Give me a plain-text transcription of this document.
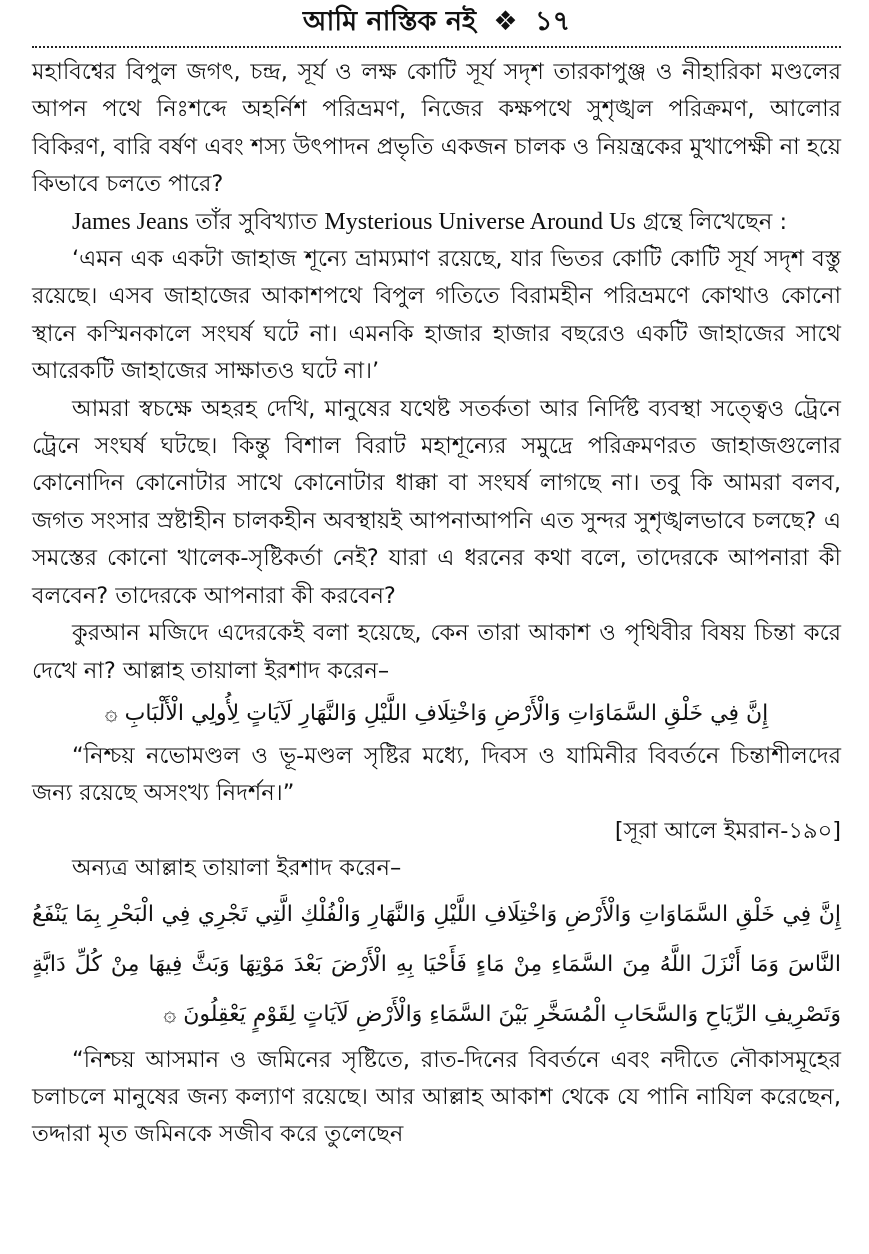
আমি নাস্তিক নই ❖ ১৭

মহাবিশ্বের বিপুল জগৎ, চন্দ্র, সূর্য ও লক্ষ কোটি সূর্য সদৃশ তারকাপুঞ্জ ও নীহারিকা মণ্ডলের আপন পথে নিঃশব্দে অহর্নিশ পরিভ্রমণ, নিজের কক্ষপথে সুশৃঙ্খল পরিক্রমণ, আলোর বিকিরণ, বারি বর্ষণ এবং শস্য উৎপাদন প্রভৃতি একজন চালক ও নিয়ন্ত্রকের মুখাপেক্ষী না হয়ে কিভাবে চলতে পারে?

James Jeans তাঁর সুবিখ্যাত Mysterious Universe Around Us গ্রন্থে লিখেছেন :

‘এমন এক একটা জাহাজ শূন্যে ভ্রাম্যমাণ রয়েছে, যার ভিতর কোটি কোটি সূর্য সদৃশ বস্তু রয়েছে। এসব জাহাজের আকাশপথে বিপুল গতিতে বিরামহীন পরিভ্রমণে কোথাও কোনো স্থানে কস্মিনকালে সংঘর্ষ ঘটে না। এমনকি হাজার হাজার বছরেও একটি জাহাজের সাথে আরেকটি জাহাজের সাক্ষাতও ঘটে না।’

আমরা স্বচক্ষে অহরহ দেখি, মানুষের যথেষ্ট সতর্কতা আর নির্দিষ্ট ব্যবস্থা সত্ত্বেও ট্রেনে ট্রেনে সংঘর্ষ ঘটছে। কিন্তু বিশাল বিরাট মহাশূন্যের সমুদ্রে পরিক্রমণরত জাহাজগুলোর কোনোদিন কোনোটার সাথে কোনোটার ধাক্কা বা সংঘর্ষ লাগছে না। তবু কি আমরা বলব, জগত সংসার স্রষ্টাহীন চালকহীন অবস্থায়ই আপনাআপনি এত সুন্দর সুশৃঙ্খলভাবে চলছে? এ সমস্তের কোনো খালেক-সৃষ্টিকর্তা নেই? যারা এ ধরনের কথা বলে, তাদেরকে আপনারা কী বলবেন? তাদেরকে আপনারা কী করবেন?

কুরআন মজিদে এদেরকেই বলা হয়েছে, কেন তারা আকাশ ও পৃথিবীর বিষয় চিন্তা করে দেখে না? আল্লাহ তায়ালা ইরশাদ করেন–

إِنَّ فِي خَلْقِ السَّمَاوَاتِ وَالْأَرْضِ وَاخْتِلَافِ اللَّيْلِ وَالنَّهَارِ لَآيَاتٍ لِأُولِي الْأَلْبَابِ ۞

“নিশ্চয় নভোমণ্ডল ও ভূ-মণ্ডল সৃষ্টির মধ্যে, দিবস ও যামিনীর বিবর্তনে চিন্তাশীলদের জন্য রয়েছে অসংখ্য নিদর্শন।”

[সূরা আলে ইমরান-১৯০]

অন্যত্র আল্লাহ তায়ালা ইরশাদ করেন–

إِنَّ فِي خَلْقِ السَّمَاوَاتِ وَالْأَرْضِ وَاخْتِلَافِ اللَّيْلِ وَالنَّهَارِ وَالْفُلْكِ الَّتِي تَجْرِي فِي الْبَحْرِ بِمَا يَنْفَعُ النَّاسَ وَمَا أَنْزَلَ اللَّهُ مِنَ السَّمَاءِ مِنْ مَاءٍ فَأَحْيَا بِهِ الْأَرْضَ بَعْدَ مَوْتِهَا وَبَثَّ فِيهَا مِنْ كُلِّ دَابَّةٍ وَتَصْرِيفِ الرِّيَاحِ وَالسَّحَابِ الْمُسَخَّرِ بَيْنَ السَّمَاءِ وَالْأَرْضِ لَآيَاتٍ لِقَوْمٍ يَعْقِلُونَ ۞

“নিশ্চয় আসমান ও জমিনের সৃষ্টিতে, রাত-দিনের বিবর্তনে এবং নদীতে নৌকাসমূহের চলাচলে মানুষের জন্য কল্যাণ রয়েছে। আর আল্লাহ আকাশ থেকে যে পানি নাযিল করেছেন, তদ্দারা মৃত জমিনকে সজীব করে তুলেছেন
